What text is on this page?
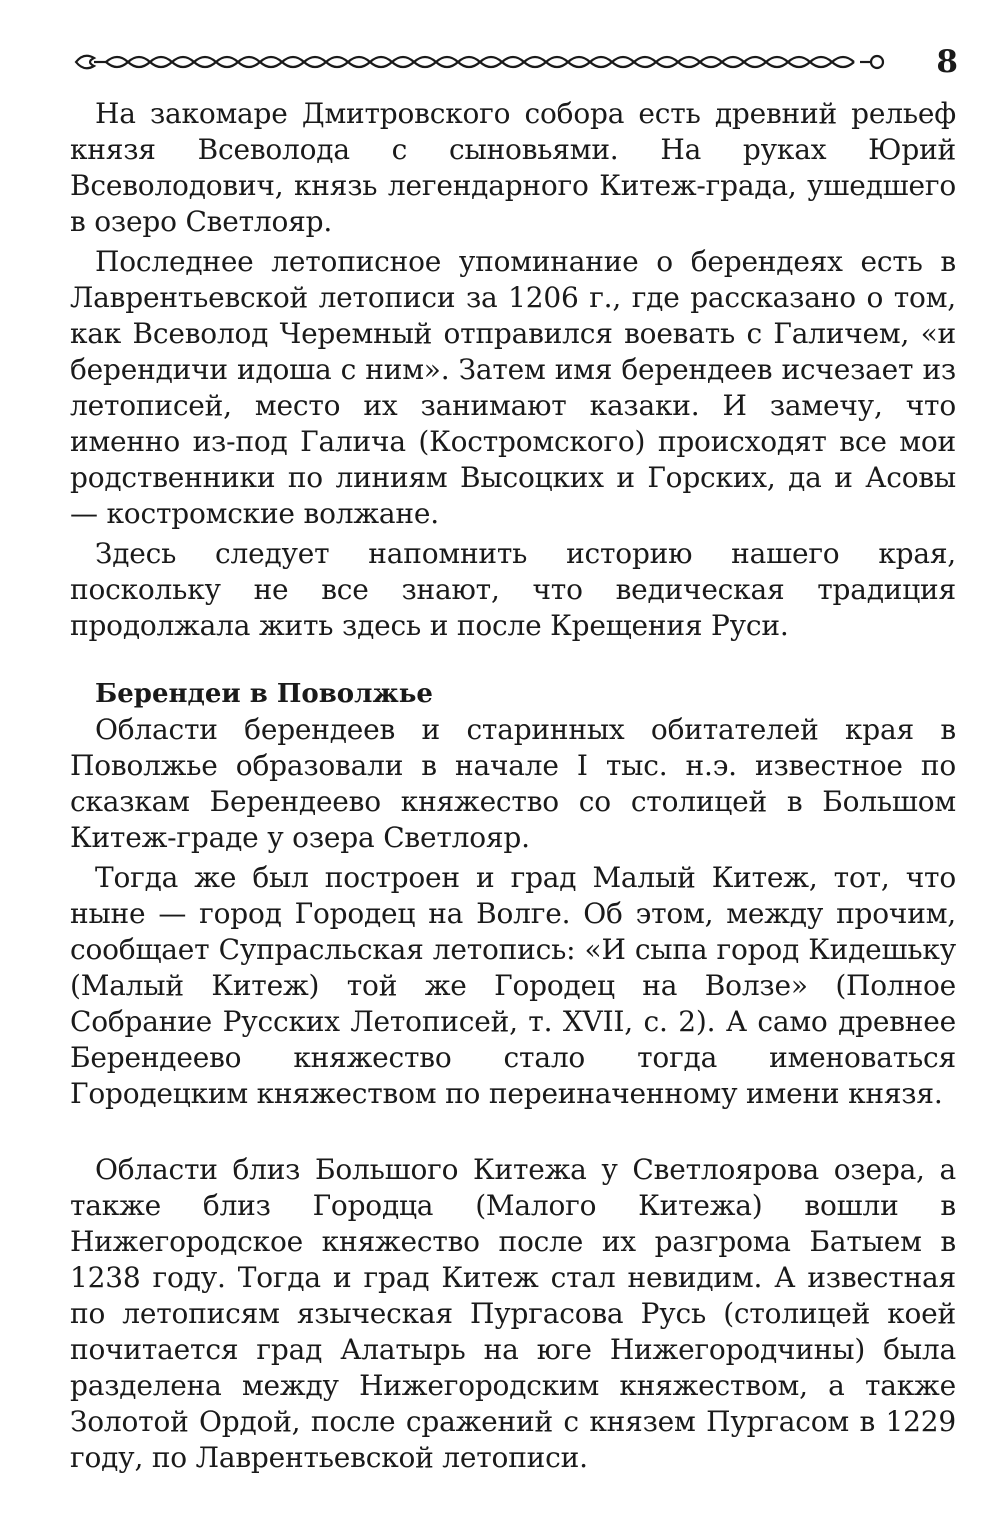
8

На закомаре Дмитровского собора есть древний рельеф князя Всеволода с сыновьями. На руках Юрий Всеволодович, князь легендарного Китеж-града, ушедшего в озеро Светлояр.

Последнее летописное упоминание о берендеях есть в Лаврентьевской летописи за 1206 г., где рассказано о том, как Всеволод Черемный отправился воевать с Галичем, «и берендичи идоша с ним». Затем имя берендеев исчезает из летописей, место их занимают казаки. И замечу, что именно из-под Галича (Костромского) происходят все мои родственники по линиям Высоцких и Горских, да и Асовы — костромские волжане.

Здесь следует напомнить историю нашего края, поскольку не все знают, что ведическая традиция продолжала жить здесь и после Крещения Руси.

Берендеи в Поволжье

Области берендеев и старинных обитателей края в Поволжье образовали в начале I тыс. н.э. известное по сказкам Берендеево княжество со столицей в Большом Китеж-граде у озера Светлояр.

Тогда же был построен и град Малый Китеж, тот, что ныне — город Городец на Волге. Об этом, между прочим, сообщает Супрасльская летопись: «И сыпа город Кидешьку (Малый Китеж) той же Городец на Волзе» (Полное Собрание Русских Летописей, т. XVII, с. 2). А само древнее Берендеево княжество стало тогда именоваться Городецким княжеством по переиначенному имени князя.

Области близ Большого Китежа у Светлоярова озера, а также близ Городца (Малого Китежа) вошли в Нижегородское княжество после их разгрома Батыем в 1238 году. Тогда и град Китеж стал невидим. А известная по летописям языческая Пургасова Русь (столицей коей почитается град Алатырь на юге Нижегородчины) была разделена между Нижегородским княжеством, а также Золотой Ордой, после сражений с князем Пургасом в 1229 году, по Лаврентьевской летописи.
